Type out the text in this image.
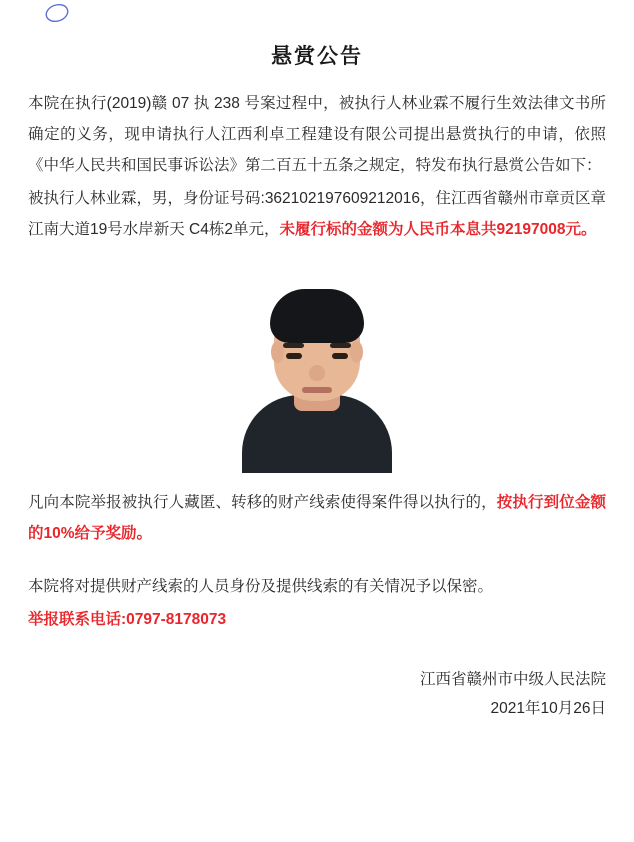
悬赏公告

本院在执行(2019)赣 07 执 238 号案过程中，被执行人林业霖不履行生效法律文书所确定的义务，现申请执行人江西利卓工程建设有限公司提出悬赏执行的申请，依照《中华人民共和国民事诉讼法》第二百五十五条之规定，特发布执行悬赏公告如下：

被执行人林业霖，男，身份证号码:362102197609212016，住江西省赣州市章贡区章江南大道19号水岸新天 C4栋2单元，未履行标的金额为人民币本息共92197008元。

凡向本院举报被执行人藏匿、转移的财产线索使得案件得以执行的，按执行到位金额的10%给予奖励。

本院将对提供财产线索的人员身份及提供线索的有关情况予以保密。

举报联系电话:0797-8178073

江西省赣州市中级人民法院
2021年10月26日
